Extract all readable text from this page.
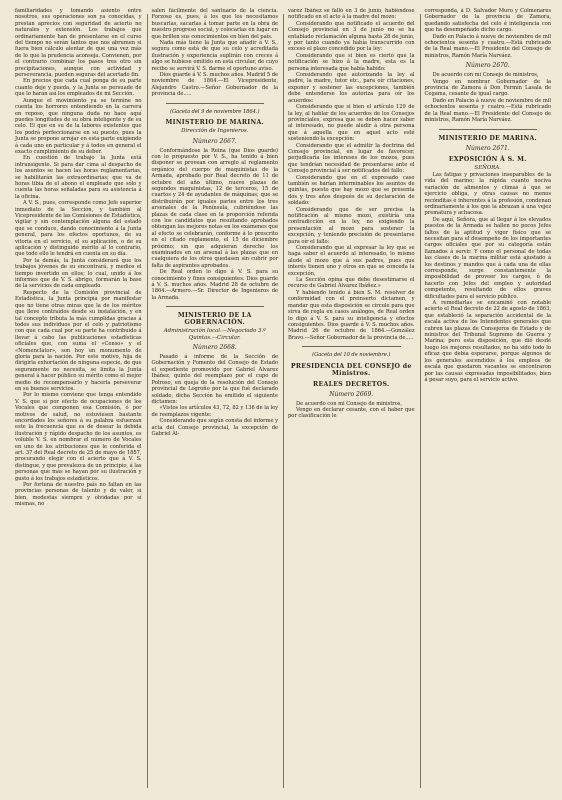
familiaridades y tomando asiento entre nosotros, sus operaciones son ya conocidas, y prestan aprecios con seguridad de acierto no naturales y extensión. Los trabajos que ordinariamente han de presentarse en el curso del tiempo no serán tantos que nos abrumen si fuera bien cálculo alentar de que una vez más de lo que la prudencia aconseja. Convienen, por el contrario combinar los pasos tres otro sin precipitaciones, aunque con actividad y perseverancia, pueden seguras del acertado fin.

En precios que cada cual ponga de su parte cuanto deje y pueda, y la Junta se persuade de que lo harán así los empleados de mi Sección.

Aunque el movimiento ya se termine no cuenta los horrores entendiendo en la carrera en reposo, que ninguna duda no hace aquí puedes longitudes de su obra inteligente y de su celo. El que en su de la labores existentes que los podrá perfeccionarse en su puesto, pues la Junta se propone arrojar en esta parte exigiendo á cada uno en particular y á todos en general el exacto cumplimiento de su deber.

En cuestión de trabajo la Junta está intransigente. Si para dar cima al despacho de los asuntos se hacen las horas reglamentarias, se habilitarán las extraordinarias; que va de horas tibia de el abono el empleado que sólo y cuenta las horas señaladas para su asistencia á la oficina.

A V. S., pues, corresponde como Jefe superior inmediato de la Sección, y también al Vicepresidente de las Comisiones de Estadística, vigilar y sin contemplación alguna del estado que se conduce, dando conocimiento á la Junta general, para los efectos oportunos, de su vitoria en el servicio, el su aplicación, o de su aplicación y distinguido mérito al lo contrario, que todo ello le tendrá en cuenta en su día.

Por la demás, la Junta considerará que los trabajos jóvenes de su encontrará, y medios el tiempo invertido en ellos; lo cual, unido á los informes que de V. S. abrigo, formarán la base de la servicios de cada empleado.

Respecto de la Comisión provincial de Estadística, la Junta principia por manifestar que no tiene otras miras que la de los méritos que lleve contraídos desde su instalación, y en tal concepto tributa la más cumplidas gracias á todos sus individuos por el celo y patriotismo con que cada cual por su parte ha contribuido á llevar á cabo las publicaciones estadísticas oficiales que, con suma el «Censo» y el «Nomenclátor», son hoy un monumento de gloria para la nación. Por este motivo, hija de dirigirla exhortación de ninguna especie, de que seguramente no necesita, se limita la Junta general á hacer público su mérito como el mejor medio de recompensarlo y hacerla perseverar en su buenos servicios.

Por lo mismo conviene que tenga entendido V. S. que si por efecto de ocupaciones de los Vocales que componen esa Comisión, ó por motivos de salud, no estuviesen bastante encordados los señores á su palabra esfuerzan este la frecuencia que es de desear la debida ilustración y rápido despacho de los asuntos, es voluble V. S. en nombrar el número de Vocales en uno de los atribuciones que le conferida el art. 37 del Real decreto de 25 de mayo de 1857, procurando elegir con el acierto que á V. S. distingue, y que prevalezca de un principio, á las personas que más se hayan por su ilustración y gusto á los trabajos estadísticos.

Por fortuna de nuestro país no faltan en las provincias personas de talento y de valer, si bien, modestas siempre y olvidadas por sí mismas, no

salen fácilmente del santuario de la ciencia. Forzoso es, pues, á los que los necesitamos buscarlas, sacarlas á tomar parte en la obra de nuestro progreso social, y colocarlas en lugar en que brillen sus conocimientos en bien del país.

Nada más tiene la Junta que añadir á V. S., segura como está de que su celo y acreditada ilustración y experiencia suplirán con creces á algo se hubiese omitido en esta circular, de cuyo recibo se servirá V. S. darme el oportuno aviso.

Dios guarde á V. S. muchos años. Madrid 5 de noviembre de 1864.—El Vicepresidente, Alejandro Castro.—Señor Gobernador de la provincia de.....

(Gaceta del 9 de noviembre 1864.)

MINISTERIO DE MARINA.

Dirección de Ingenieros.

Número 2667.

Conformándose la Reina (que Dios guarde) con lo propuesto por V. S., ha tenido á bien disponer se provean con arreglo al reglamento orgánico del cuerpo de maquinistas de la Armada, aprobado por Real decreto de 11 de octubre del año último, nueve plazas de segundos maquinistas, 12 de terceros, 15 de cuartos y 24 de ayudantes de máquinas; que se distribuirán por iguales partes entre los tres arsenales de la Península, cubriéndose las plazas de cada clase en la proporción referida con los candidatos que resultando aprobados obtengan las mejores notas en los exámenes que al efecto se celebrarán, conforme á lo prescrito en el citado reglamento, el 15 de diciembre próximo; sin que adquieran derecho los examinados en un arsenal á las plazas que en cualquiera de los otros quedasen sin cubrir por falta de aspirantes aprobados.

De Real orden lo digo á V. S. para su conocimiento y fines consiguientes. Dios guarde á V. S. muchos años. Madrid 28 de octubre de 1864.—Armero.—Sr. Director de Ingenieros de la Armada.

MINISTERIO DE LA GOBERNACIÓN.

Administración local.—Negociado 3.º Quintas.—Circular.

Número 2668.

Pasado á informe de la Sección de Gobernación y Fomento del Consejo de Estado el expediente promovido por Gabriel Álvarez Ibáñez, quinto del reemplazo por el cupo de Polroso, en queja de la resolución del Consejo provincial de Logroño por la que fué declarado soldado, dicha Sección ha emitido el siguiente dictamen:

«Vistos los artículos 43, 72, 82 y 136 de la ley de reemplazos vigente:

Considerando que según consta del informe y acta del Consejo provincial, la excepción de Gabriel Ál-

varez Ibáñez se falló en 3 de junio, habiéndose notificado en el acto á la madre del mozo:

Considerando que notificado el acuerdo del Consejo provincial en 3 de junio no se ha entablado reclamación alguna hasta 28 de junio, y por tanto cuando ya había transcurrido con exceso el plazo concedido por la ley:

Considerando que si bien es cierto que la notificación se hizo á la madre, esta es la persona interesada que había habido:

Considerando que autorizando la ley al padre, la madre, tutor etc., para oír citaciones, exponer y sostener las excepciones, también debe entenderse los autoriza para oír los acuerdos:

Considerando que si bien el artículo 129 de la ley, al hablar de los acuerdos de los Consejos provinciales, expresa que se deben hacer saber al interesado, no puede aludir á otra persona que á aquella que en aquel acto esté sosteniendo la excepción:

Considerando que el admitir la doctrina del Consejo provincial, en lugar de favorecer, perjudicaría los intereses de los mozos, pues que tendrían necesidad de presentarse ante el Consejo provincial á ser notificados del fallo:

Considerando que en el expresado caso también se harían interminables los asuntos de quintas, puesto que hay mozo que se presenta dos y tres años después de su declaración de soldado:

Considerando que de ser precisa la notificación al mismo mozo, existiría una contradicción en la ley, no exigiendo la presentación al mozo para sostener la excepción, y teniendo precisión de presentarse para oír el fallo:

Considerando que al expresar la ley que se haga saber el acuerdo al interesado, lo mismo alude al mozo que á sus padres, pues que interés tienen uno y otros en que se conceda la excepción,

La Sección opina que debe desestimarse el recurso de Gabriel Álvarez Ibáñez.»

Y habiendo tenido á bien S. M. resolver de conformidad con el preinserto dictamen, y mandar que esta disposición se circule para que sirva de regla en casos análogos, de Real orden lo digo á V. S. para su inteligencia y efectos consiguientes. Dios guarde á V. S. muchos años. Madrid 26 de octubre de 1864.—González Bravo.—Señor Gobernador de la provincia de.....

(Gaceta del 10 de noviembre.)

PRESIDENCIA DEL CONSEJO de Ministros.

REALES DECRETOS.

Número 2669.

De acuerdo con mi Consejo de ministros,

Vengo en declarar cesante, con el haber que por clasificación le

corresponda, á D. Salvador Muro y Colmenares Gobernador de la provincia de Zamora, quedando satisfecha del celo é inteligencia con que ha desempeñado dicho cargo.

Dado en Palacio á nueve de noviembre de mil ochocientos sesenta y cuatro.—Está rubricado de la Real mano.—El Presidente del Consejo de ministros, Ramón María Narváez.

Número 2670.

De acuerdo con mi Consejo de ministros,

Vengo en nombrar Gobernador de la provincia de Zamora á Don Fermín Lasala de Cegama, cesante de igual cargo.

Dado en Palacio á nueve de noviembre de mil ochocientos sesenta y cuatro.—Está rubricado de la Real mano.—El Presidente del Consejo de ministros, Ramón María Narváez.

MINISTERIO DE MARINA.

Número 2671.

EXPOSICIÓN Á S. M.

SEÑORA.

Las fatigas y privaciones inseparables de la vida del marino; la rápida cuanto nociva variación de alimentos y climas á que se ejercicio obliga, y otras causas no menos recónditas é inherentes á la profesión, condenan ordinariamente á los que la abrazan á una vejez prematura y achacosa.

De aquí, Señora, que al llegar á los elevados puestos de la Armada se hallen no pocos Jefes faltos de la aptitud y vigor físico que se necesitan para el desempeño de los importantes cargos oficiales que por su categoría están llamados á servir. Y como el personal de todas las clases de la marina militar está ajustado á los destinos y mandos que á cada una de ellas corresponde, surge constantemente la imposibilidad de proveer los cargos, ó de hacerlo con Jefes del empleo y autoridad competente, resultando de ellos graves dificultades para el servicio público.

A remediarlas se encaminó con notable acierto el Real decreto de 22 de agosto de 1863, que estableció la separación accidental de la escala activa de los Intendentes generales que cubren las plazas de Consejeros de Estado y de ministros del Tribunal Supremo de Guerra y Marina; pero esta disposición, que dió desde luego los mejores resultados, no ha sido todo lo eficaz que debía esperarse, porque algunos de los generales ascendidos á los empleos de escala que quedaron vacantes se encontraron por las causas expresadas imposibilitados, bien á pesar suyo, para el servicio activo.
